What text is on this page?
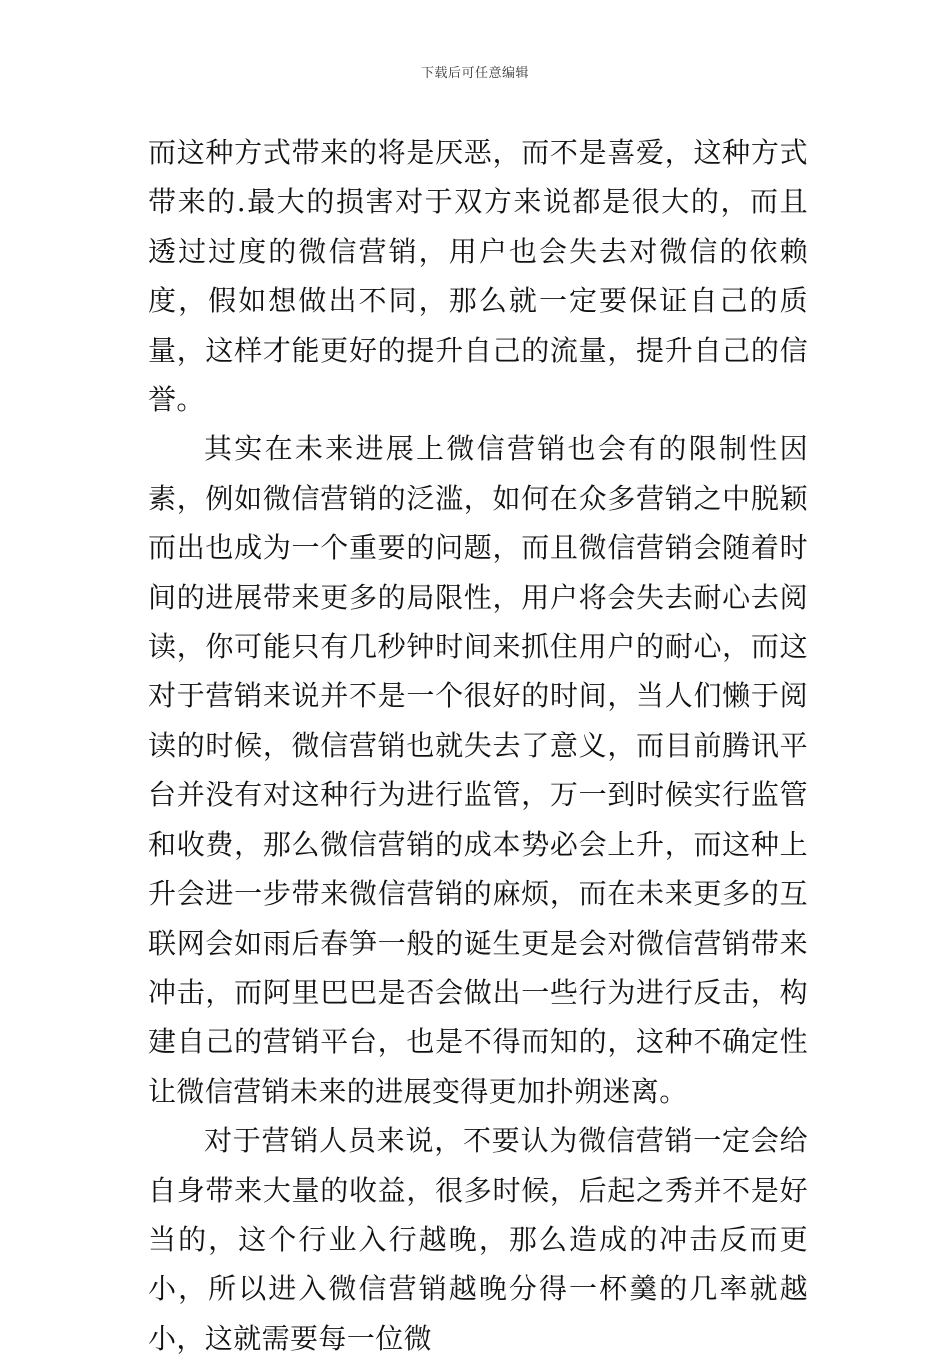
下载后可任意编辑

而这种方式带来的将是厌恶，而不是喜爱，这种方式带来的.最大的损害对于双方来说都是很大的，而且透过过度的微信营销，用户也会失去对微信的依赖度，假如想做出不同，那么就一定要保证自己的质量，这样才能更好的提升自己的流量，提升自己的信誉。

其实在未来进展上微信营销也会有的限制性因素，例如微信营销的泛滥，如何在众多营销之中脱颖而出也成为一个重要的问题，而且微信营销会随着时间的进展带来更多的局限性，用户将会失去耐心去阅读，你可能只有几秒钟时间来抓住用户的耐心，而这对于营销来说并不是一个很好的时间，当人们懒于阅读的时候，微信营销也就失去了意义，而目前腾讯平台并没有对这种行为进行监管，万一到时候实行监管和收费，那么微信营销的成本势必会上升，而这种上升会进一步带来微信营销的麻烦，而在未来更多的互联网会如雨后春笋一般的诞生更是会对微信营销带来冲击，而阿里巴巴是否会做出一些行为进行反击，构建自己的营销平台，也是不得而知的，这种不确定性让微信营销未来的进展变得更加扑朔迷离。

对于营销人员来说，不要认为微信营销一定会给自身带来大量的收益，很多时候，后起之秀并不是好当的，这个行业入行越晚，那么造成的冲击反而更小，所以进入微信营销越晚分得一杯羹的几率就越小，这就需要每一位微
